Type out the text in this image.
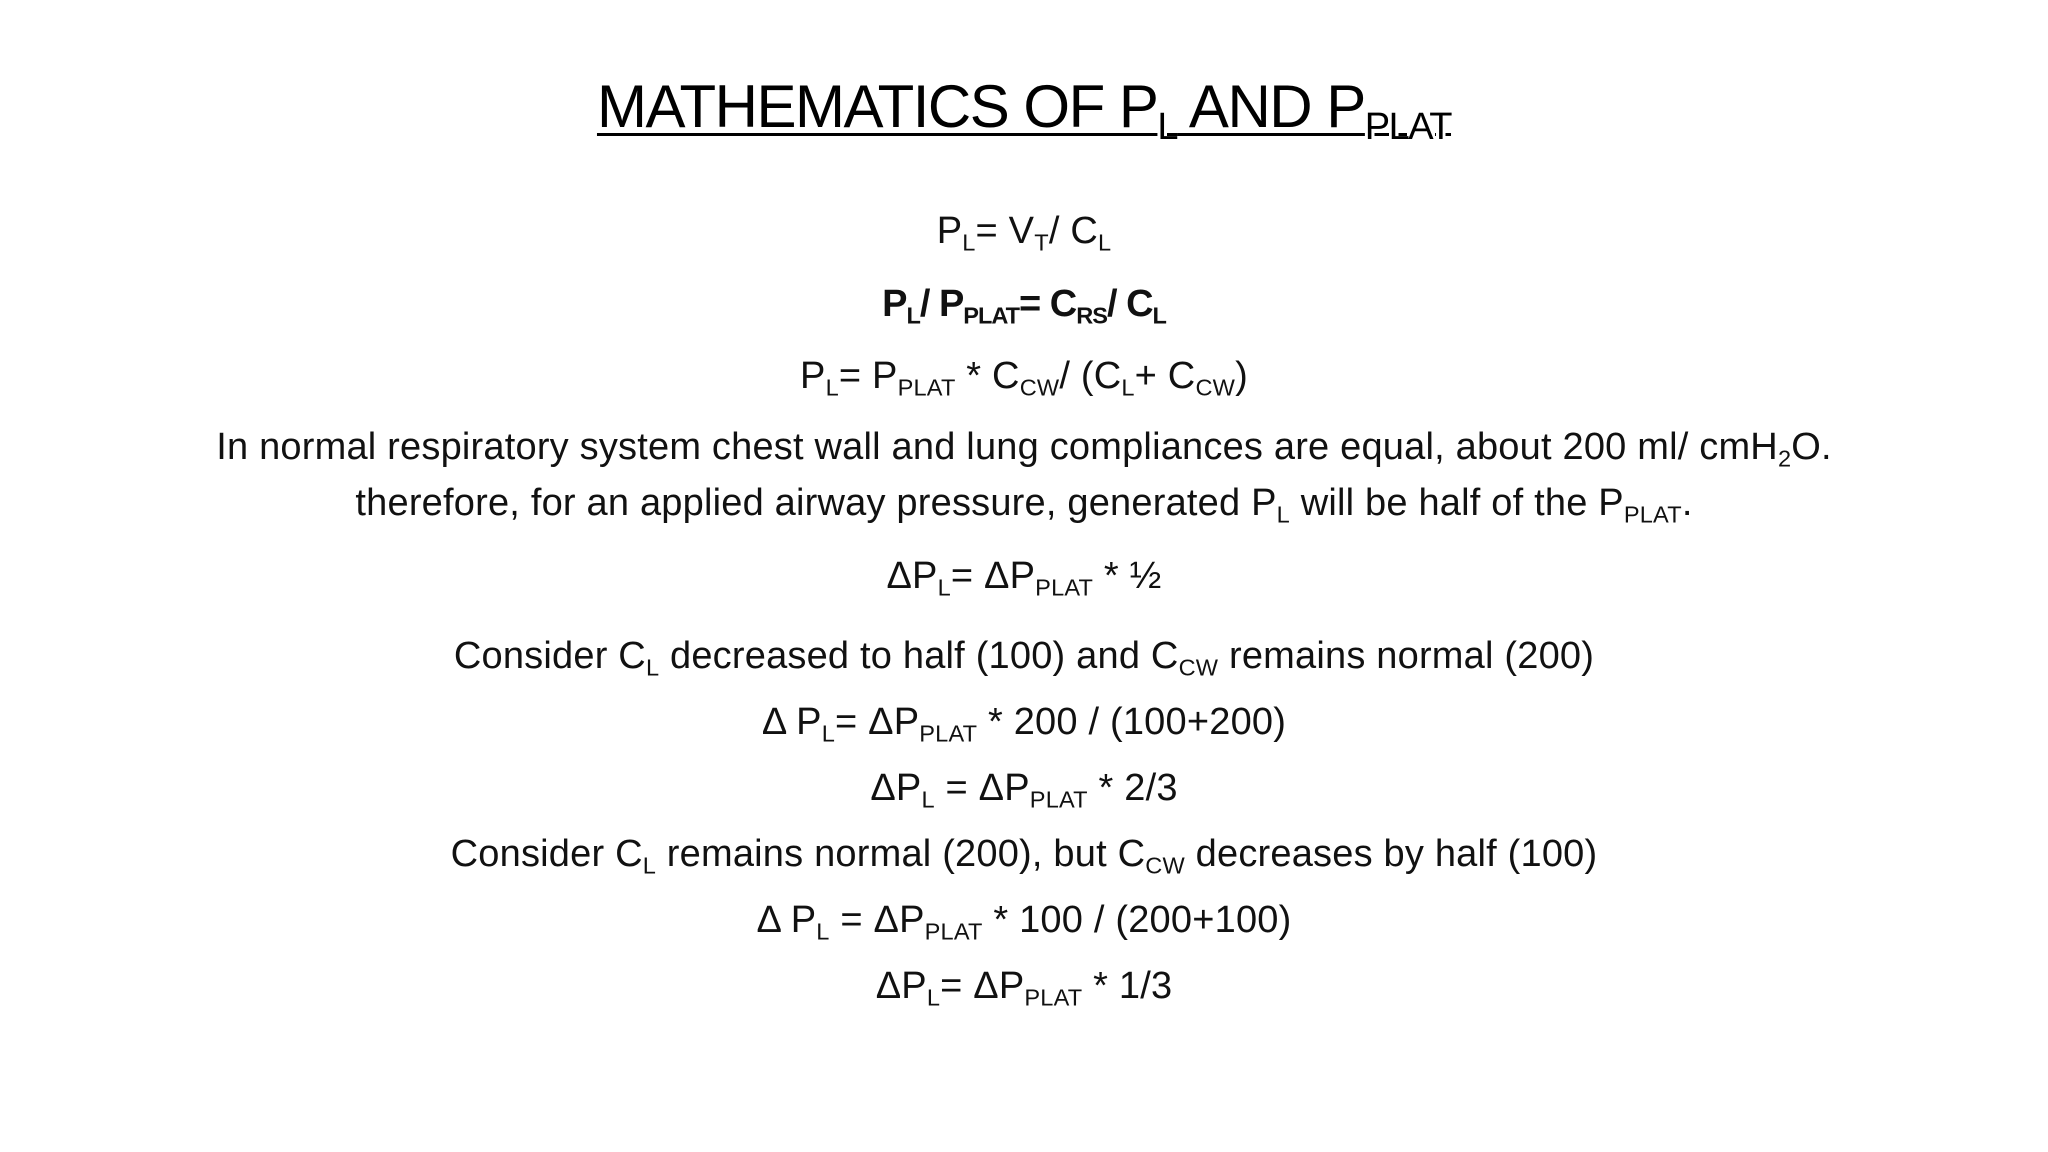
MATHEMATICS OF $P_L$ AND $P_{PLAT}$
$P_L= V_T/$ $C_L$
$P_L/$ $P_{PLAT}= C_{RS}/$ $C_L$
$P_L= P_{PLAT} * C_{CW}/$ $(C_L+ C_{CW})$
In normal respiratory system chest wall and lung compliances are equal, about 200 ml/ cmH$_2$O.
therefore, for an applied airway pressure, generated $P_L$ will be half of the $P_{PLAT}$.
$\Delta P_L= \Delta P_{PLAT}$ * ½
Consider $C_L$ decreased to half (100) and $C_{CW}$ remains normal (200)
Δ $P_L= \Delta P_{PLAT} * 200 / (100+200)$
$\Delta P_L = \Delta P_{PLAT} * 2/3$
Consider $C_L$ remains normal (200), but $C_{CW}$ decreases by half (100)
Δ $P_L = \Delta P_{PLAT} * 100 / (200+100)$
$\Delta P_L= \Delta P_{PLAT} * 1/3$
